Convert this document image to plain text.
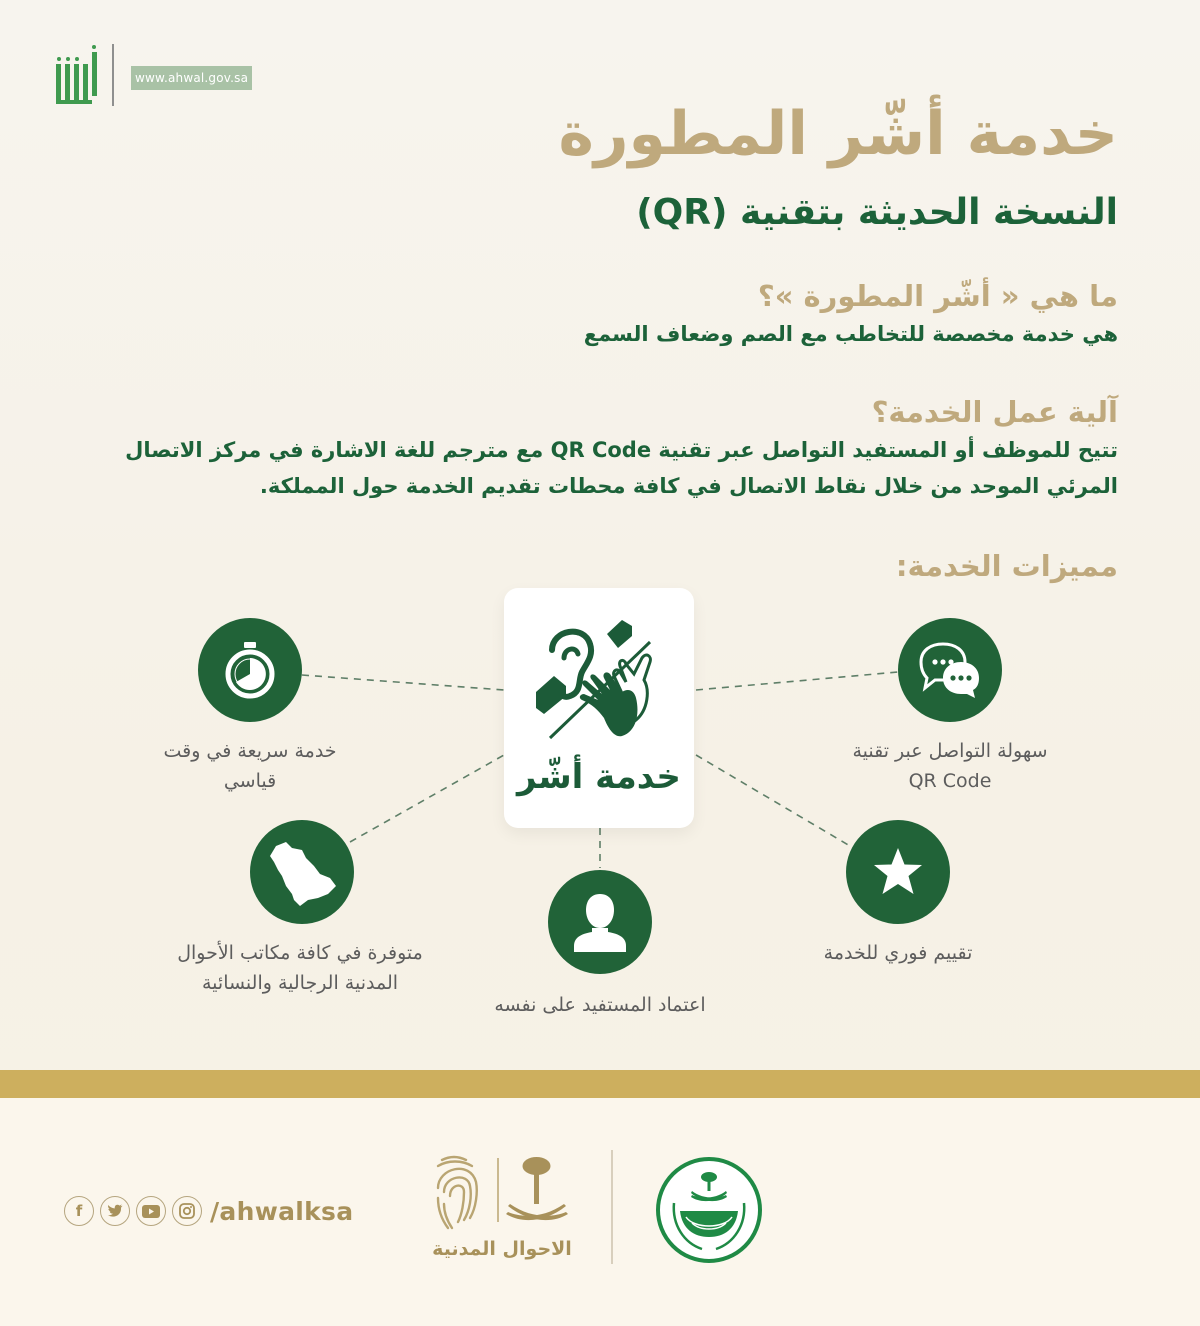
www.ahwal.gov.sa
خدمة أشّر المطورة
النسخة الحديثة بتقنية (QR)
ما هي « أشّر المطورة »؟
هي خدمة مخصصة للتخاطب مع الصم وضعاف السمع
آلية عمل الخدمة؟
تتيح للموظف أو المستفيد التواصل عبر تقنية QR Code مع مترجم للغة الاشارة في مركز الاتصال المرئي الموحد من خلال نقاط الاتصال في كافة محطات تقديم الخدمة حول المملكة.
مميزات الخدمة:
خدمة أشّر
سهولة التواصل عبر تقنية
QR Code
خدمة سريعة في وقت
قياسي
متوفرة في كافة مكاتب الأحوال
المدنية الرجالية والنسائية
اعتماد المستفيد على نفسه
تقييم فوري للخدمة
f	/ahwalksa
الاحوال المدنية
